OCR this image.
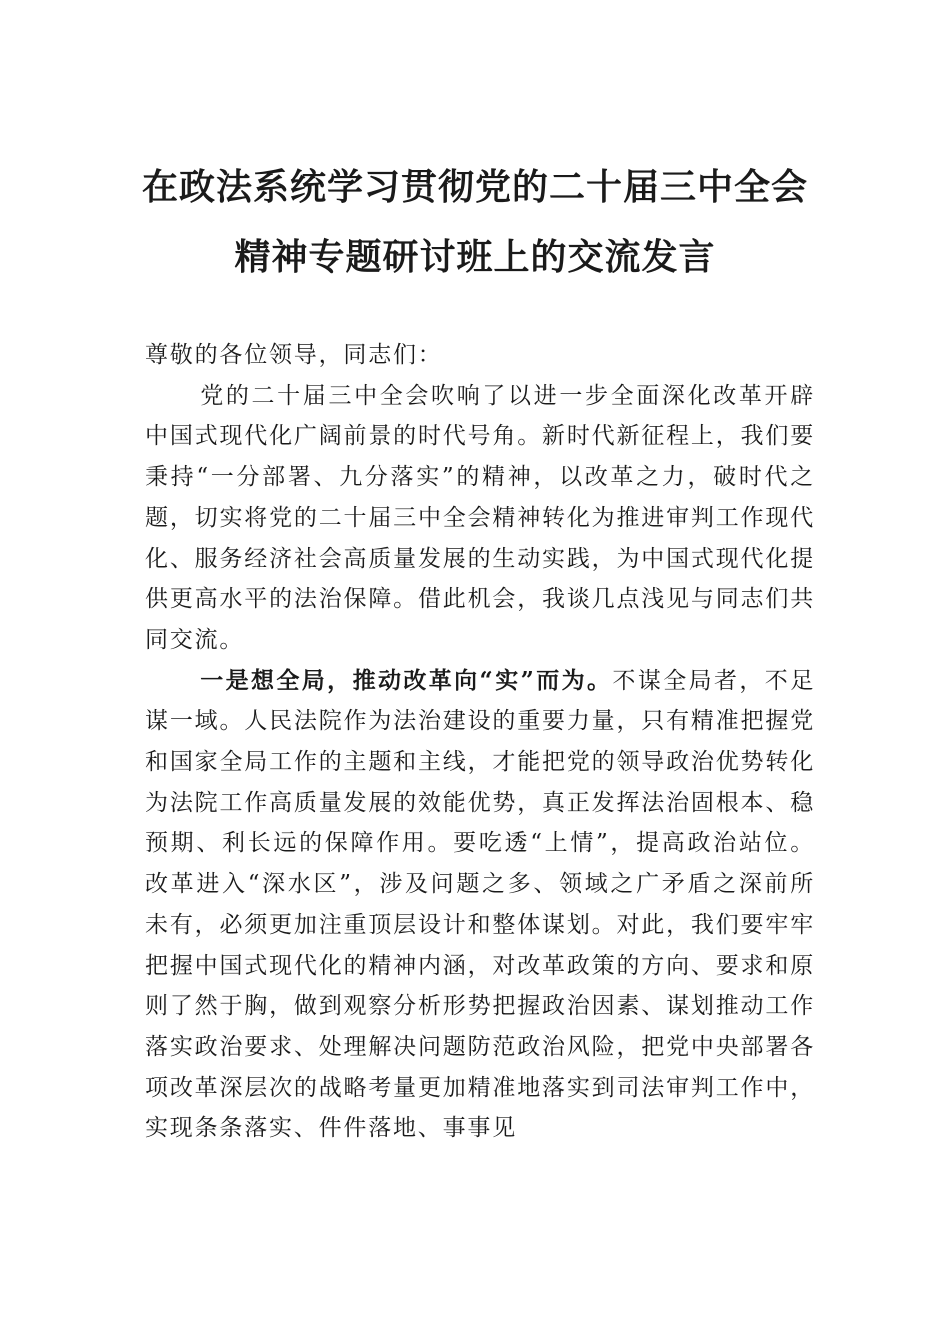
在政法系统学习贯彻党的二十届三中全会
精神专题研讨班上的交流发言

尊敬的各位领导，同志们：

党的二十届三中全会吹响了以进一步全面深化改革开辟中国式现代化广阔前景的时代号角。新时代新征程上，我们要秉持“一分部署、九分落实”的精神，以改革之力，破时代之题，切实将党的二十届三中全会精神转化为推进审判工作现代化、服务经济社会高质量发展的生动实践，为中国式现代化提供更高水平的法治保障。借此机会，我谈几点浅见与同志们共同交流。

一是想全局，推动改革向“实”而为。不谋全局者，不足谋一域。人民法院作为法治建设的重要力量，只有精准把握党和国家全局工作的主题和主线，才能把党的领导政治优势转化为法院工作高质量发展的效能优势，真正发挥法治固根本、稳预期、利长远的保障作用。要吃透“上情”，提高政治站位。改革进入“深水区”，涉及问题之多、领域之广矛盾之深前所未有，必须更加注重顶层设计和整体谋划。对此，我们要牢牢把握中国式现代化的精神内涵，对改革政策的方向、要求和原则了然于胸，做到观察分析形势把握政治因素、谋划推动工作落实政治要求、处理解决问题防范政治风险，把党中央部署各项改革深层次的战略考量更加精准地落实到司法审判工作中，实现条条落实、件件落地、事事见
